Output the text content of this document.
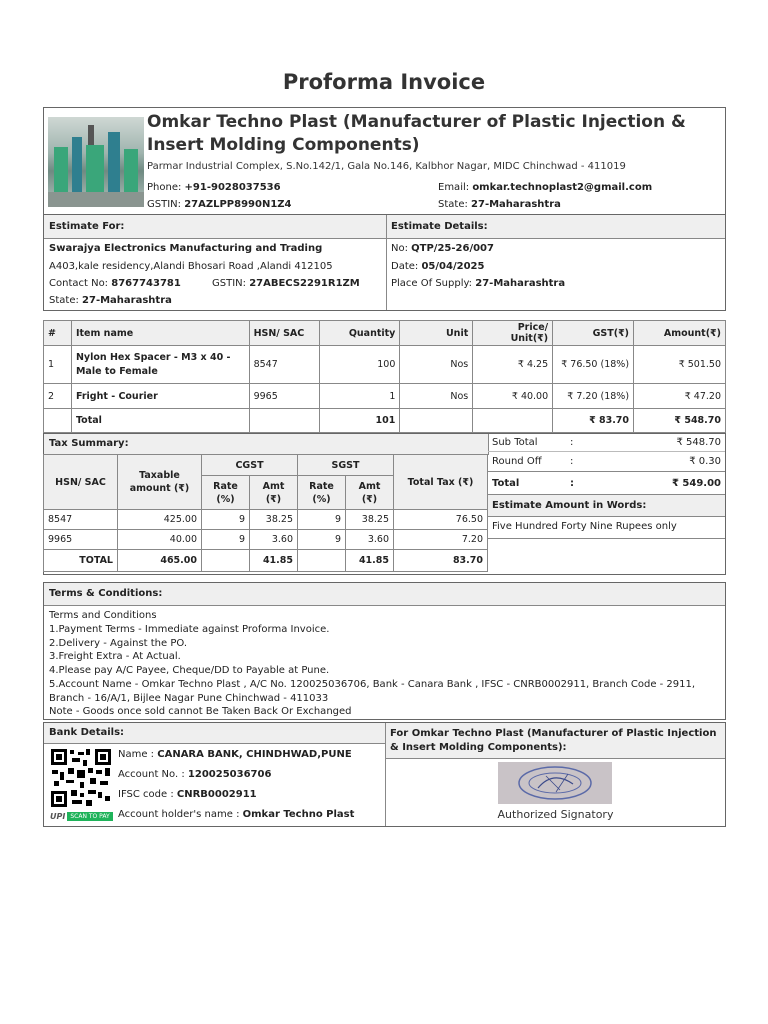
Proforma Invoice
Omkar Techno Plast (Manufacturer of Plastic Injection & Insert Molding Components)
Parmar Industrial Complex, S.No.142/1, Gala No.146, Kalbhor Nagar, MIDC Chinchwad - 411019
Phone: +91-9028037536
GSTIN: 27AZLPP8990N1Z4
Email: omkar.technoplast2@gmail.com
State: 27-Maharashtra
Estimate For:	Estimate Details:
Swarajya Electronics Manufacturing and Trading
A403,kale residency,Alandi Bhosari Road ,Alandi 412105
Contact No: 8767743781	GSTIN: 27ABECS2291R1ZM
State: 27-Maharashtra
No: QTP/25-26/007
Date: 05/04/2025
Place Of Supply: 27-Maharashtra
#	Item name	HSN/ SAC	Quantity	Unit	Price/ Unit(₹)	GST(₹)	Amount(₹)
1	Nylon Hex Spacer - M3 x 40 - Male to Female	8547	100	Nos	₹ 4.25	₹ 76.50 (18%)	₹ 501.50
2	Fright - Courier	9965	1	Nos	₹ 40.00	₹ 7.20 (18%)	₹ 47.20
	Total		101			₹ 83.70	₹ 548.70
Tax Summary:
HSN/ SAC	Taxable amount (₹)	CGST		SGST		Total Tax (₹)
		Rate (%)	Amt (₹)	Rate (%)	Amt (₹)	
8547	425.00	9	38.25	9	38.25	76.50
9965	40.00	9	3.60	9	3.60	7.20
TOTAL	465.00		41.85		41.85	83.70
Sub Total	:	₹ 548.70
Round Off	:	₹ 0.30
Total	:	₹ 549.00
Estimate Amount in Words:
Five Hundred Forty Nine Rupees only
Terms & Conditions:
Terms and Conditions
1.Payment Terms - Immediate against Proforma Invoice.
2.Delivery - Against the PO.
3.Freight Extra - At Actual.
4.Please pay A/C Payee, Cheque/DD to Payable at Pune.
5.Account Name - Omkar Techno Plast , A/C No. 120025036706, Bank - Canara Bank , IFSC - CNRB0002911, Branch Code - 2911, Branch - 16/A/1, Bijlee Nagar Pune Chinchwad - 411033
Note - Goods once sold cannot Be Taken Back Or Exchanged
Bank Details:	For Omkar Techno Plast (Manufacturer of Plastic Injection & Insert Molding Components):
UPI SCAN TO PAY
Name : CANARA BANK, CHINDHWAD,PUNE
Account No. : 120025036706
IFSC code : CNRB0002911
Account holder's name : Omkar Techno Plast	Authorized Signatory
